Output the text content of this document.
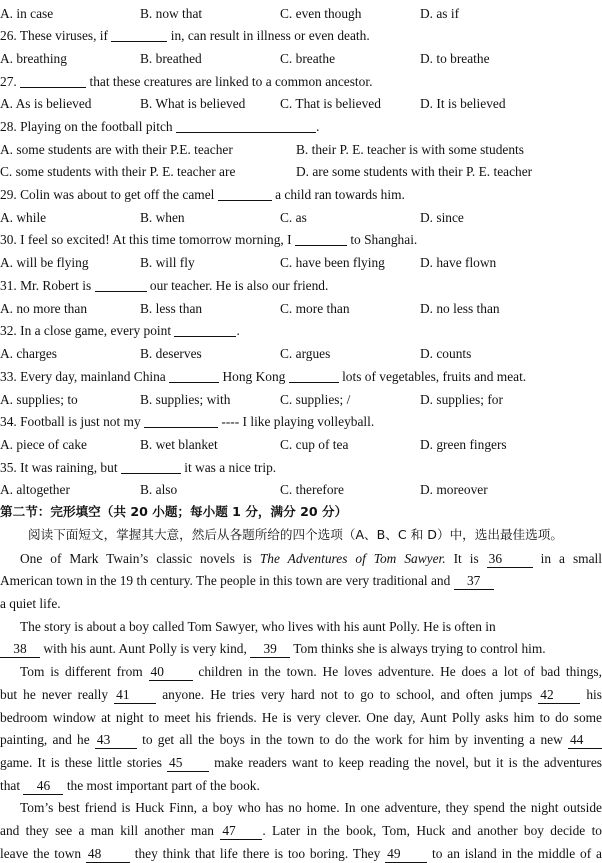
A. in case	B. now that	C. even though	D. as if
26. These viruses, if	in, can result in illness or even death.
A. breathing	B. breathed	C. breathe	D. to breathe
27.	that these creatures are linked to a common ancestor.
A. As is believed	B. What is believed	C. That is believed	D. It is believed
28. Playing on the football pitch	.
A. some students are with their P.E. teacher	B. their P. E. teacher is with some students
C. some students with their P. E. teacher are	D. are some students with their P. E. teacher
29. Colin was about to get off the camel	a child ran towards him.
A. while	B. when	C. as	D. since
30. I feel so excited! At this time tomorrow morning, I	to Shanghai.
A. will be flying	B. will fly	C. have been flying	D. have flown
31. Mr. Robert is	our teacher. He is also our friend.
A. no more than	B. less than	C. more than	D. no less than
32. In a close game, every point	.
A. charges	B. deserves	C. argues	D. counts
33. Every day, mainland China	Hong Kong	lots of vegetables, fruits and meat.
A. supplies; to	B. supplies; with	C. supplies; /	D. supplies; for
34. Football is just not my	---- I like playing volleyball.
A. piece of cake	B. wet blanket	C. cup of tea	D. green fingers
35. It was raining, but	it was a nice trip.
A. altogether	B. also	C. therefore	D. moreover
第二节：完形填空（共 20 小题；每小题 1 分，满分 20 分）
阅读下面短文，掌握其大意，然后从各题所给的四个选项（A、B、C 和 D）中，选出最佳选项。
One of Mark Twain’s classic novels is The Adventures of Tom Sawyer. It is 36	in a small
American town in the 19 th century. The people in this town are very traditional and 37
a quiet life.
The story is about a boy called Tom Sawyer, who lives with his aunt Polly. He is often in
38 with his aunt. Aunt Polly is very kind, 39 Tom thinks she is always trying to control him.
Tom is different from 40	children in the town. He loves adventure. He does a lot of bad things,
but he never really 41 anyone. He tries very hard not to go to school, and often jumps 42 his
bedroom window at night to meet his friends. He is very clever. One day, Aunt Polly asks him to do some
painting, and he 43 to get all the boys in the town to do the work for him by inventing a new 44
game. It is these little stories 45 make readers want to keep reading the novel, but it is the adventures
that 46 the most important part of the book.
Tom’s best friend is Huck Finn, a boy who has no home. In one adventure, they spend the night outside
and they see a man kill another man 47 . Later in the book, Tom, Huck and another boy decide to
leave the town 48 they think that life there is too boring. They 49 to an island in the middle of a
